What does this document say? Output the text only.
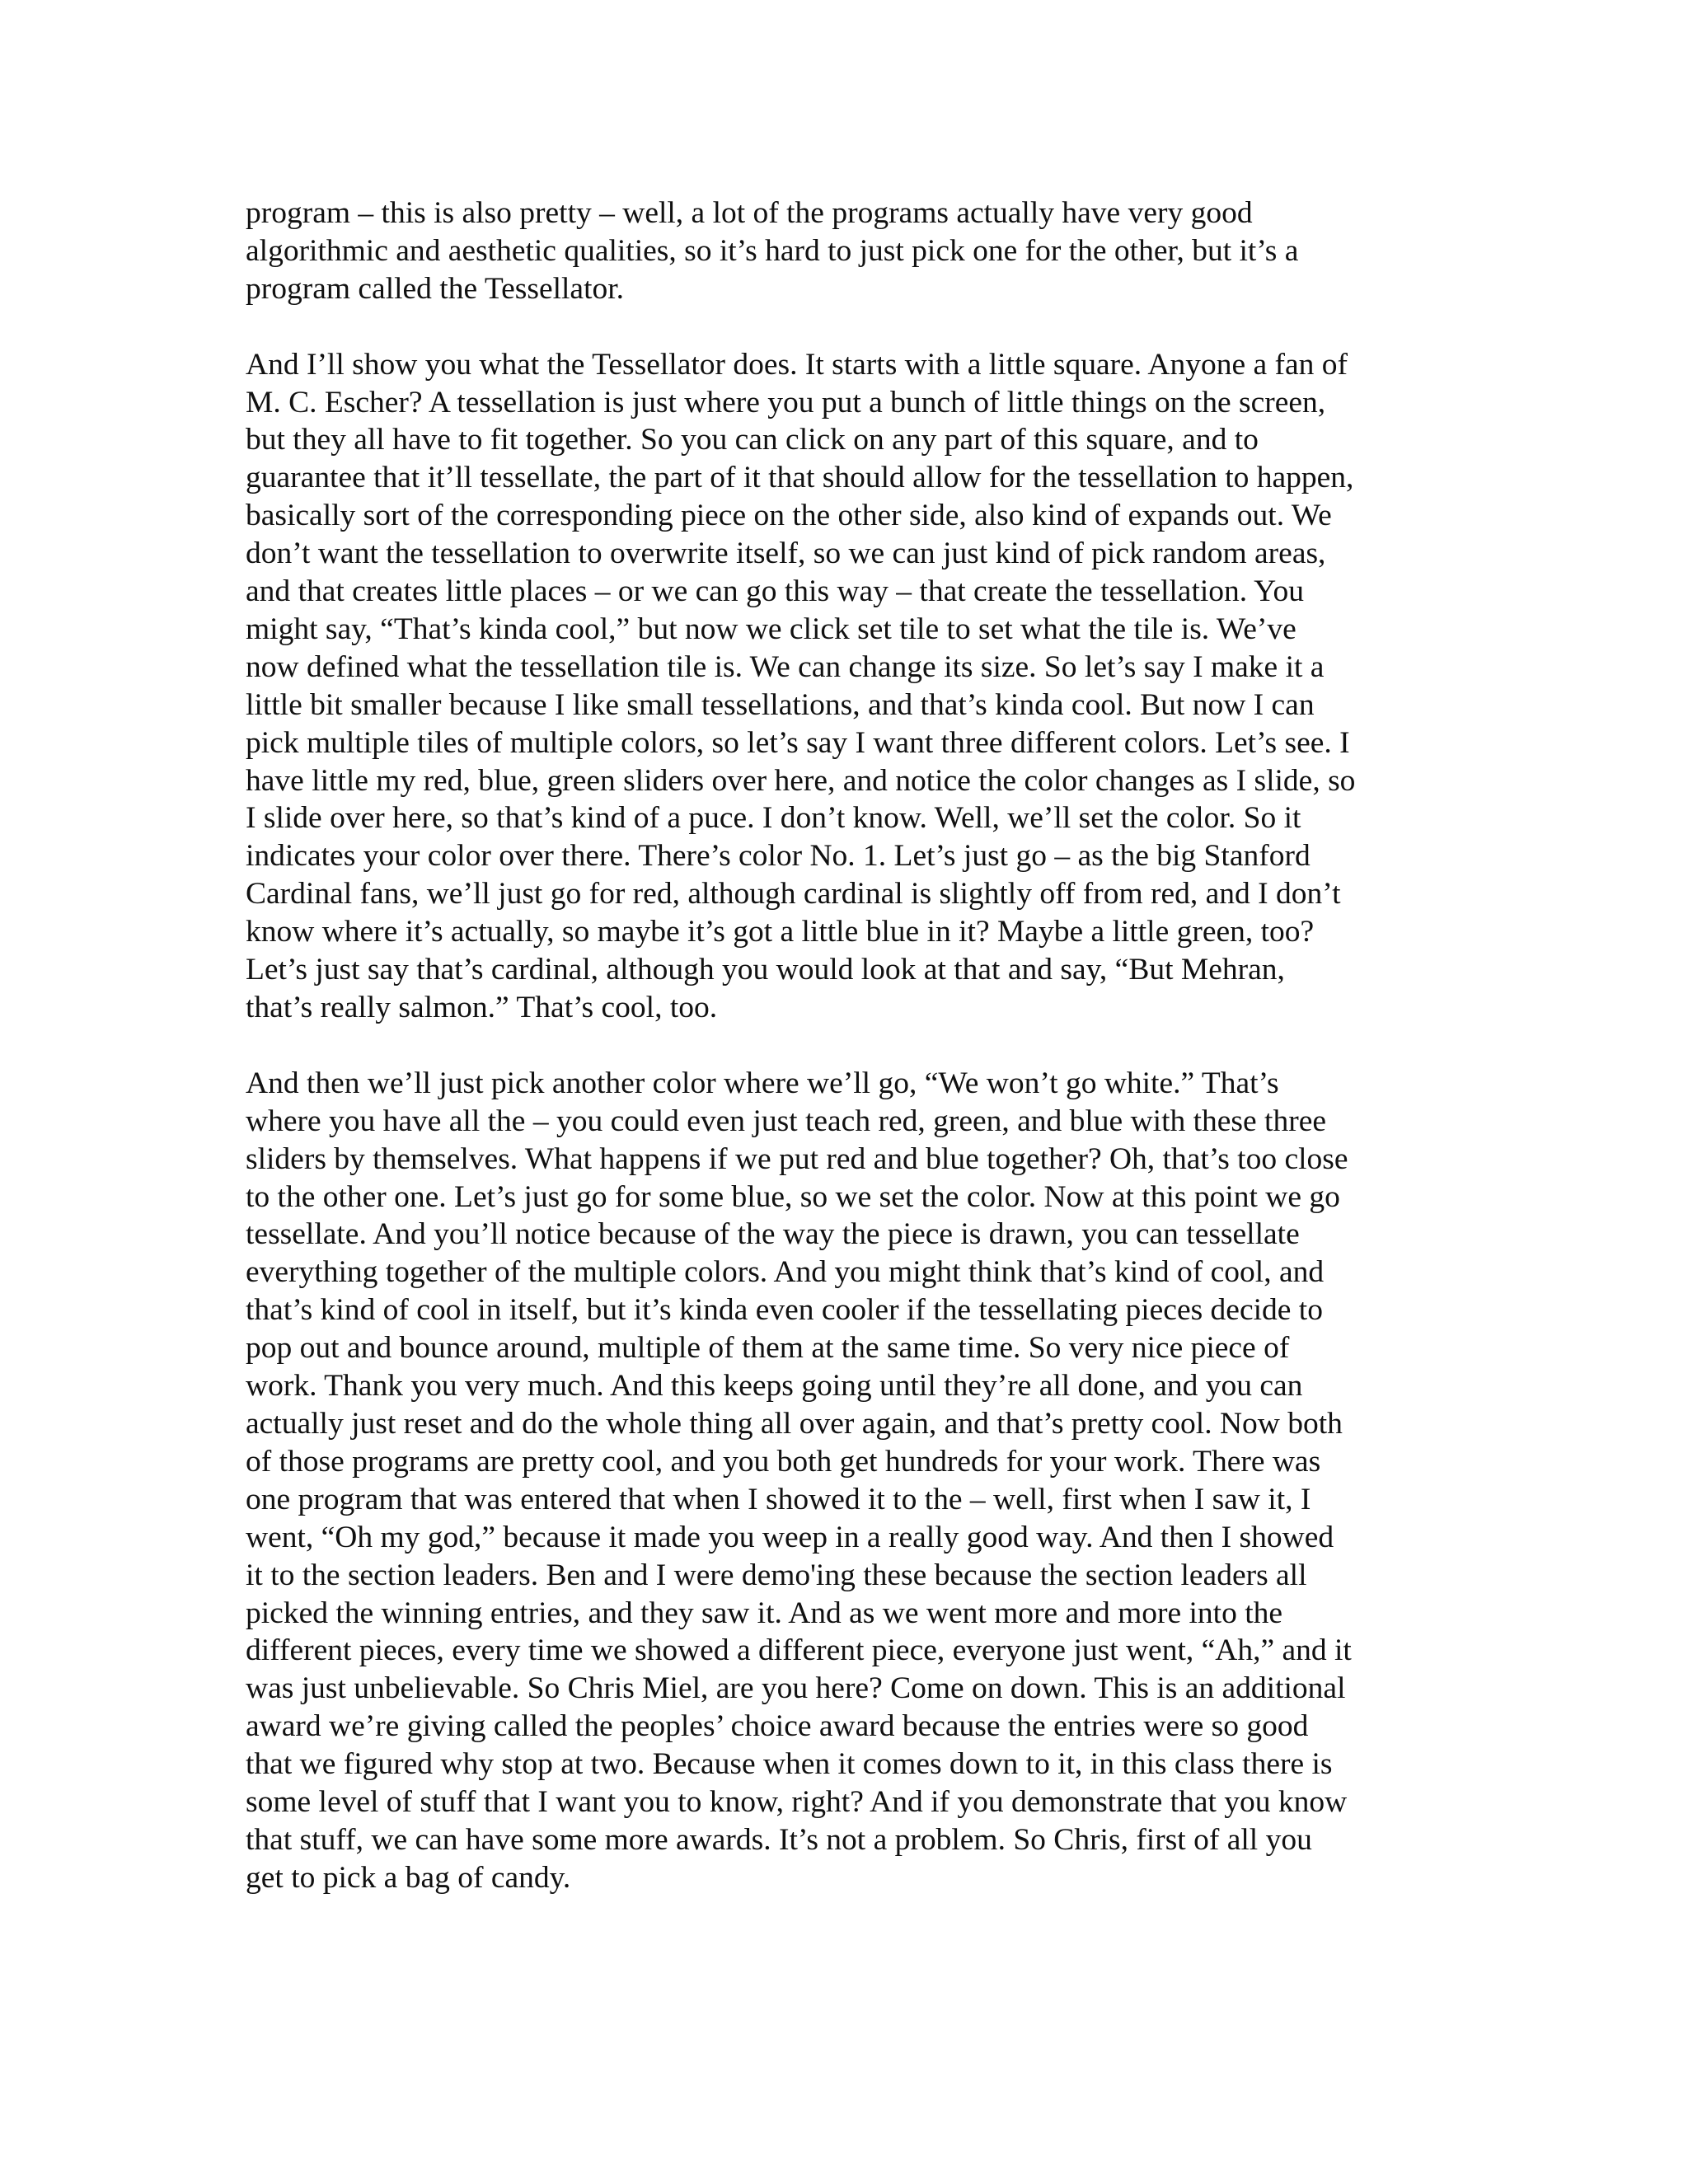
program – this is also pretty – well, a lot of the programs actually have very good
algorithmic and aesthetic qualities, so it’s hard to just pick one for the other, but it’s a
program called the Tessellator.

And I’ll show you what the Tessellator does. It starts with a little square. Anyone a fan of
M. C. Escher? A tessellation is just where you put a bunch of little things on the screen,
but they all have to fit together. So you can click on any part of this square, and to
guarantee that it’ll tessellate, the part of it that should allow for the tessellation to happen,
basically sort of the corresponding piece on the other side, also kind of expands out. We
don’t want the tessellation to overwrite itself, so we can just kind of pick random areas,
and that creates little places – or we can go this way – that create the tessellation. You
might say, “That’s kinda cool,” but now we click set tile to set what the tile is. We’ve
now defined what the tessellation tile is. We can change its size. So let’s say I make it a
little bit smaller because I like small tessellations, and that’s kinda cool. But now I can
pick multiple tiles of multiple colors, so let’s say I want three different colors. Let’s see. I
have little my red, blue, green sliders over here, and notice the color changes as I slide, so
I slide over here, so that’s kind of a puce. I don’t know. Well, we’ll set the color. So it
indicates your color over there. There’s color No. 1. Let’s just go – as the big Stanford
Cardinal fans, we’ll just go for red, although cardinal is slightly off from red, and I don’t
know where it’s actually, so maybe it’s got a little blue in it? Maybe a little green, too?
Let’s just say that’s cardinal, although you would look at that and say, “But Mehran,
that’s really salmon.” That’s cool, too.

And then we’ll just pick another color where we’ll go, “We won’t go white.” That’s
where you have all the – you could even just teach red, green, and blue with these three
sliders by themselves. What happens if we put red and blue together? Oh, that’s too close
to the other one. Let’s just go for some blue, so we set the color. Now at this point we go
tessellate. And you’ll notice because of the way the piece is drawn, you can tessellate
everything together of the multiple colors. And you might think that’s kind of cool, and
that’s kind of cool in itself, but it’s kinda even cooler if the tessellating pieces decide to
pop out and bounce around, multiple of them at the same time. So very nice piece of
work. Thank you very much. And this keeps going until they’re all done, and you can
actually just reset and do the whole thing all over again, and that’s pretty cool. Now both
of those programs are pretty cool, and you both get hundreds for your work. There was
one program that was entered that when I showed it to the – well, first when I saw it, I
went, “Oh my god,” because it made you weep in a really good way. And then I showed
it to the section leaders. Ben and I were demo'ing these because the section leaders all
picked the winning entries, and they saw it. And as we went more and more into the
different pieces, every time we showed a different piece, everyone just went, “Ah,” and it
was just unbelievable. So Chris Miel, are you here? Come on down. This is an additional
award we’re giving called the peoples’ choice award because the entries were so good
that we figured why stop at two. Because when it comes down to it, in this class there is
some level of stuff that I want you to know, right? And if you demonstrate that you know
that stuff, we can have some more awards. It’s not a problem. So Chris, first of all you
get to pick a bag of candy.
